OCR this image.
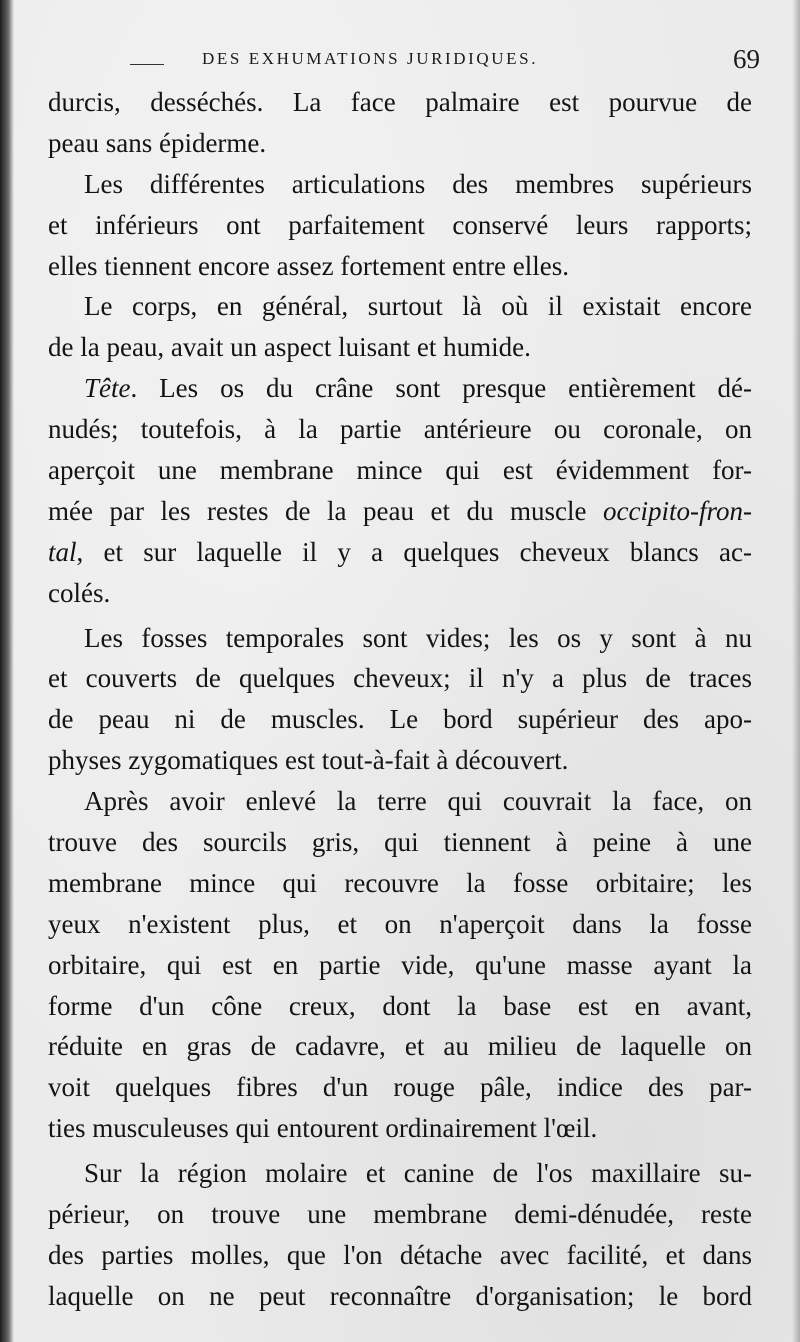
DES EXHUMATIONS JURIDIQUES.	69
durcis, desséchés. La face palmaire est pourvue de
peau sans épiderme.
Les différentes articulations des membres supérieurs
et inférieurs ont parfaitement conservé leurs rapports;
elles tiennent encore assez fortement entre elles.
Le corps, en général, surtout là où il existait encore
de la peau, avait un aspect luisant et humide.
Tête. Les os du crâne sont presque entièrement dé-
nudés; toutefois, à la partie antérieure ou coronale, on
aperçoit une membrane mince qui est évidemment for-
mée par les restes de la peau et du muscle occipito-fron-
tal, et sur laquelle il y a quelques cheveux blancs ac-
colés.
Les fosses temporales sont vides; les os y sont à nu
et couverts de quelques cheveux; il n'y a plus de traces
de peau ni de muscles. Le bord supérieur des apo-
physes zygomatiques est tout-à-fait à découvert.
Après avoir enlevé la terre qui couvrait la face, on
trouve des sourcils gris, qui tiennent à peine à une
membrane mince qui recouvre la fosse orbitaire; les
yeux n'existent plus, et on n'aperçoit dans la fosse
orbitaire, qui est en partie vide, qu'une masse ayant la
forme d'un cône creux, dont la base est en avant,
réduite en gras de cadavre, et au milieu de laquelle on
voit quelques fibres d'un rouge pâle, indice des par-
ties musculeuses qui entourent ordinairement l'œil.
Sur la région molaire et canine de l'os maxillaire su-
périeur, on trouve une membrane demi-dénudée, reste
des parties molles, que l'on détache avec facilité, et dans
laquelle on ne peut reconnaître d'organisation; le bord
